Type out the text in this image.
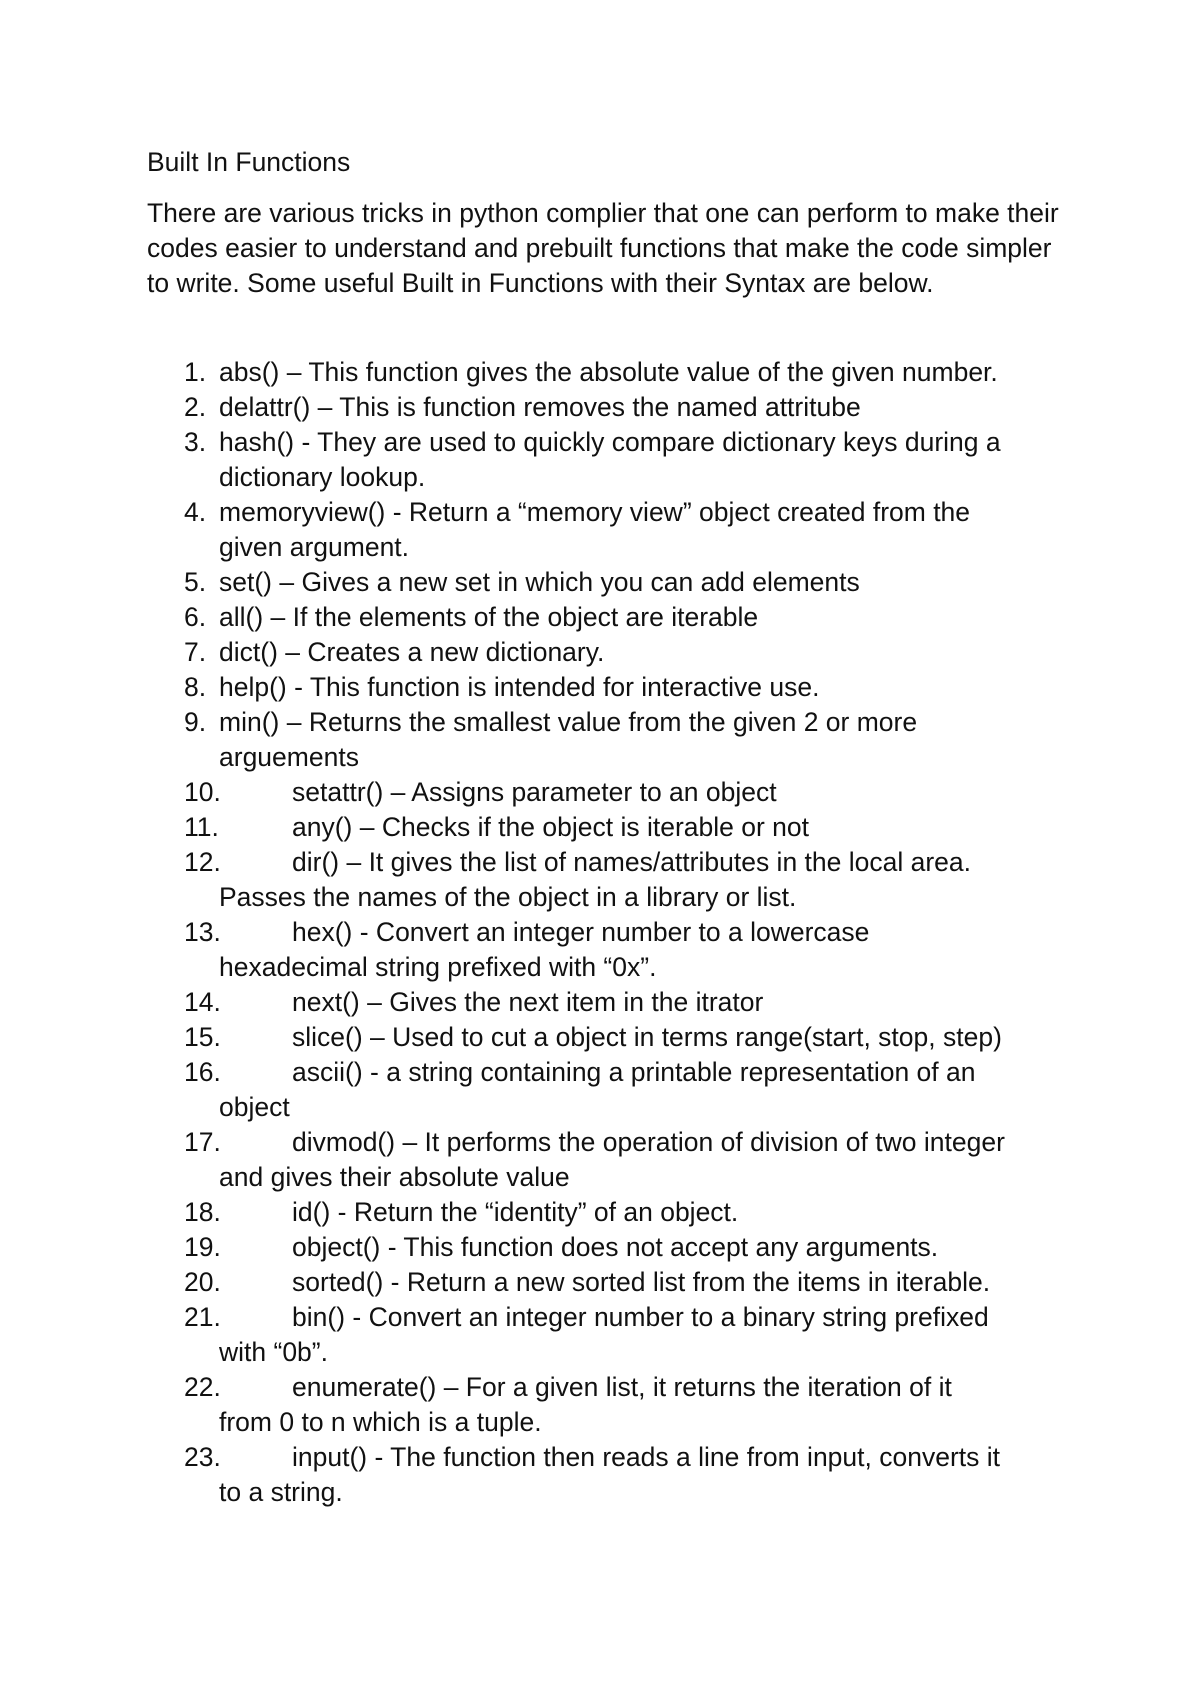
Built In Functions

There are various tricks in python complier that one can perform to make their codes easier to understand and prebuilt functions that make the code simpler to write. Some useful Built in Functions with their Syntax are below.

1. abs() – This function gives the absolute value of the given number.
2. delattr() – This is function removes the named attritube
3. hash() - They are used to quickly compare dictionary keys during a
dictionary lookup.
4. memoryview() - Return a “memory view” object created from the
given argument.
5. set() – Gives a new set in which you can add elements
6. all() – If the elements of the object are iterable
7. dict() – Creates a new dictionary.
8. help() - This function is intended for interactive use.
9. min() – Returns the smallest value from the given 2 or more
arguements
10.	setattr() – Assigns parameter to an object
11.	any() – Checks if the object is iterable or not
12.	dir() – It gives the list of names/attributes in the local area.
Passes the names of the object in a library or list.
13.	hex() - Convert an integer number to a lowercase
hexadecimal string prefixed with “0x”.
14.	next() – Gives the next item in the itrator
15.	slice() – Used to cut a object in terms range(start, stop, step)
16.	ascii() - a string containing a printable representation of an
object
17.	divmod() – It performs the operation of division of two integer
and gives their absolute value
18.	id() - Return the “identity” of an object.
19.	object() - This function does not accept any arguments.
20.	sorted() - Return a new sorted list from the items in iterable.
21.	bin() - Convert an integer number to a binary string prefixed
with “0b”.
22.	enumerate() – For a given list, it returns the iteration of it
from 0 to n which is a tuple.
23.	input() - The function then reads a line from input, converts it
to a string.
